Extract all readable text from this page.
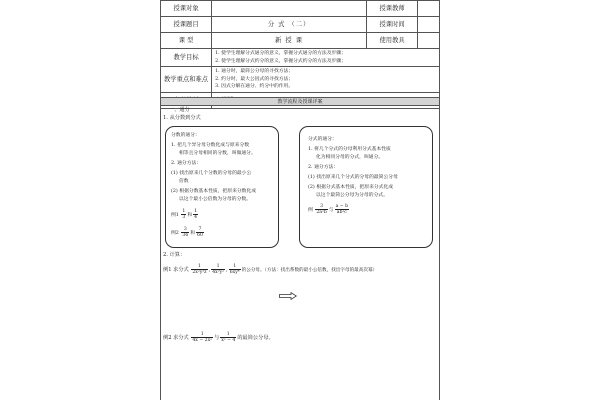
授课对象		授课教师	
授课题目	分 式 （二）	授课时间	
课 型	新 授 课	使用教具	
教学目标	1. 使学生理解分式通分的意义，掌握分式通分的方法及步骤；
2. 使学生理解分式约分的意义，掌握分式约分的方法及步骤；		

教学重点和难点	1. 通分时，最简公分母的寻找方法；
2. 约分时，最大公因式的寻找方法；
3. 因式分解在通分、约分中的作用。		

教学流程及授课详案
一、通分
1. 从分数到分式
分数的通分：
1. 把几个异分母分数化成与原来分数
相等且分母相同的分数，叫做通分。
2. 通分方法：
(1) 找出原来几个分数的分母的最小公
倍数
(2) 根据分数基本性质，把原来分数化成
以这个最小公倍数为分母的分数。
例$1 \frac{1}{3}$ 和 $\frac{1}{4}$
例$2 \frac{3}{36}$ 和 $\frac{7}{60}$
分式的通分：
1. 将几个分式的分母利用分式基本性质
化为相同分母的分式，叫通分。
2. 通分方法：
(1) 找出原来几个分式的分母的最简公分母
(2) 根据分式基本性质，把原来分式化成
以这个最简公分母为分母的分式。
例 $\frac{3}{\text{2a²b}}$ 与 $\frac{a - b}{\text{ab²c}}$
2. 计算：
例1 求分式 $\frac{1}{\text{2x²y³z}}$ , $\frac{1}{\text{4x³y²}}$ , $\frac{1}{\text{6xy⁴}}$ 的公分母。（方法：找出系数的最小公倍数，找出字母的最高次幂）
例2 求分式 $\frac{1}{\text{4x − 2x²}}$ 与 $\frac{1}{\text{x² − 4}}$ 的最简公分母。
